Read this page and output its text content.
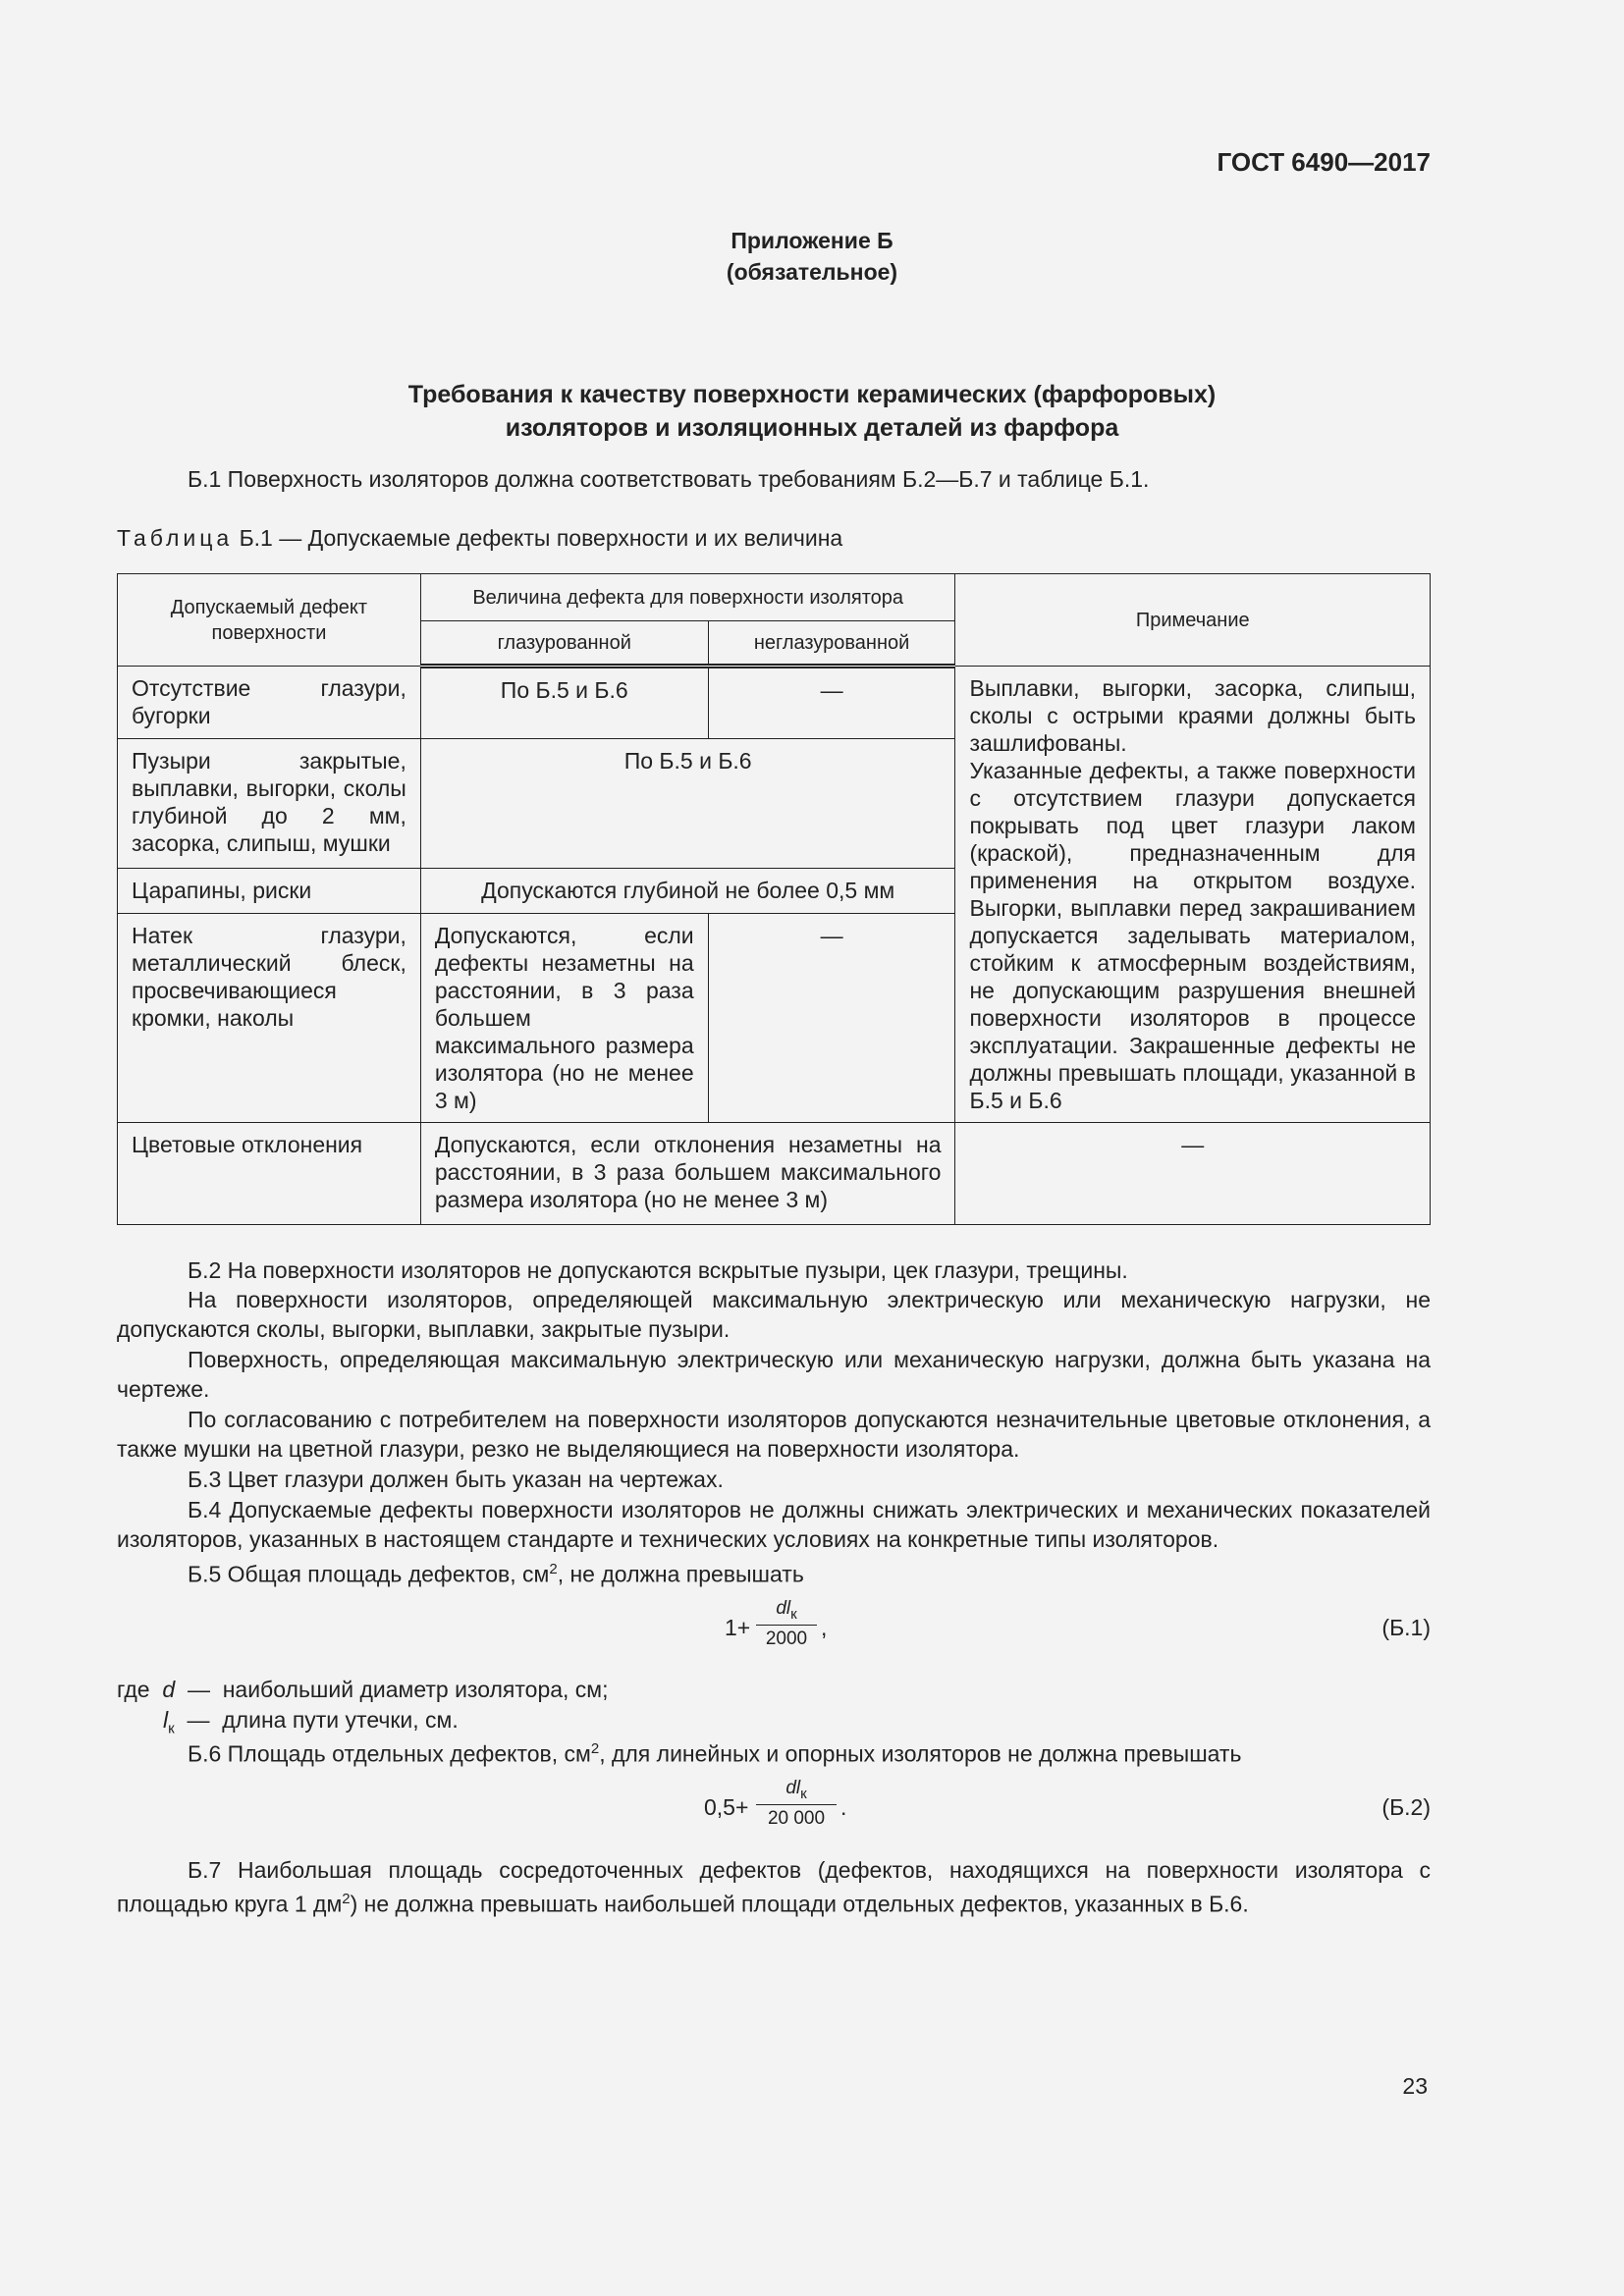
ГОСТ 6490—2017
Приложение Б
(обязательное)
Требования к качеству поверхности керамических (фарфоровых)
изоляторов и изоляционных деталей из фарфора
Б.1 Поверхность изоляторов должна соответствовать требованиям Б.2—Б.7 и таблице Б.1.
Таблица Б.1 — Допускаемые дефекты поверхности и их величина
Допускаемый дефект поверхности	Величина дефекта для поверхности изолятора		Примечание
	глазурованной	неглазурованной	
Отсутствие глазури, бугорки	По Б.5 и Б.6	—	Выплавки, выгорки, засорка, слипыш, сколы с острыми краями должны быть зашлифованы.
Указанные дефекты, а также поверхности с отсутствием глазури допускается покрывать под цвет глазури лаком (краской), предназначенным для применения на открытом воздухе. Выгорки, выплавки перед закрашиванием допускается заделывать материалом, стойким к атмосферным воздействиям, не допускающим разрушения внешней поверхности изоляторов в процессе эксплуатации. Закрашенные дефекты не должны превышать площади, указанной в Б.5 и Б.6
Пузыри закрытые, выплавки, выгорки, сколы глубиной до 2 мм, засорка, слипыш, мушки	По Б.5 и Б.6		
Царапины, риски	Допускаются глубиной не более 0,5 мм		
Натек глазури, металлический блеск, просвечивающиеся кромки, наколы	Допускаются, если дефекты незаметны на расстоянии, в 3 раза большем максимального размера изолятора (но не менее 3 м)	—	
Цветовые отклонения	Допускаются, если отклонения незаметны на расстоянии, в 3 раза большем максимального размера изолятора (но не менее 3 м)		—
Б.2 На поверхности изоляторов не допускаются вскрытые пузыри, цек глазури, трещины.
На поверхности изоляторов, определяющей максимальную электрическую или механическую нагрузки, не допускаются сколы, выгорки, выплавки, закрытые пузыри.
Поверхность, определяющая максимальную электрическую или механическую нагрузки, должна быть указана на чертеже.
По согласованию с потребителем на поверхности изоляторов допускаются незначительные цветовые отклонения, а также мушки на цветной глазури, резко не выделяющиеся на поверхности изолятора.
Б.3 Цвет глазури должен быть указан на чертежах.
Б.4 Допускаемые дефекты поверхности изоляторов не должны снижать электрических и механических показателей изоляторов, указанных в настоящем стандарте и технических условиях на конкретные типы изоляторов.
Б.5 Общая площадь дефектов, $см^2$, не должна превышать
1+
$dl_к$
2000 ,	(Б.1)
где d — наибольший диаметр изолятора, см;
$l_к$ — длина пути утечки, см.
Б.6 Площадь отдельных дефектов, $см^2$, для линейных и опорных изоляторов не должна превышать
0,5+
$dl_к$
20 000 .	(Б.2)
Б.7 Наибольшая площадь сосредоточенных дефектов (дефектов, находящихся на поверхности изолятора с площадью круга 1 $дм^2$) не должна превышать наибольшей площади отдельных дефектов, указанных в Б.6.
23
